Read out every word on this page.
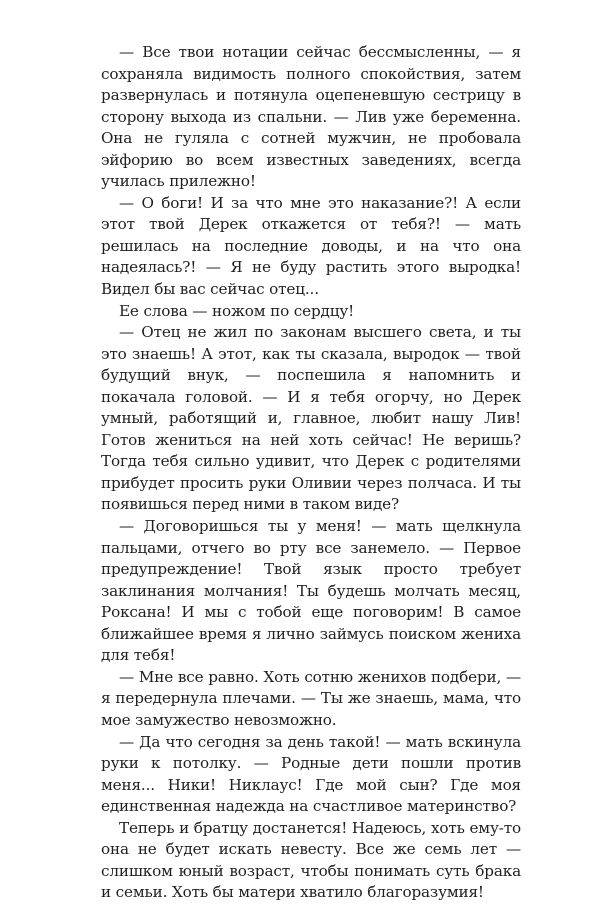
— Все твои нотации сейчас бессмысленны, — я сохраняла видимость полного спокойствия, затем развернулась и потянула оцепеневшую сестрицу в сторону выхода из спальни. — Лив уже беременна. Она не гуляла с сотней мужчин, не пробовала эйфорию во всем известных заведениях, всегда училась прилежно!

— О боги! И за что мне это наказание?! А если этот твой Дерек откажется от тебя?! — мать решилась на последние доводы, и на что она надеялась?! — Я не буду растить этого выродка! Видел бы вас сейчас отец...

Ее слова — ножом по сердцу!

— Отец не жил по законам высшего света, и ты это знаешь! А этот, как ты сказала, выродок — твой будущий внук, — поспешила я напомнить и покачала головой. — И я тебя огорчу, но Дерек умный, работящий и, главное, любит нашу Лив! Готов жениться на ней хоть сейчас! Не веришь? Тогда тебя сильно удивит, что Дерек с родителями прибудет просить руки Оливии через полчаса. И ты появишься перед ними в таком виде?

— Договоришься ты у меня! — мать щелкнула пальцами, отчего во рту все занемело. — Первое предупреждение! Твой язык просто требует заклинания молчания! Ты будешь молчать месяц, Роксана! И мы с тобой еще поговорим! В самое ближайшее время я лично займусь поиском жениха для тебя!

— Мне все равно. Хоть сотню женихов подбери, — я передернула плечами. — Ты же знаешь, мама, что мое замужество невозможно.

— Да что сегодня за день такой! — мать вскинула руки к потолку. — Родные дети пошли против меня... Ники! Никлаус! Где мой сын? Где моя единственная надежда на счастливое материнство?

Теперь и братцу достанется! Надеюсь, хоть ему-то она не будет искать невесту. Все же семь лет — слишком юный возраст, чтобы понимать суть брака и семьи. Хоть бы матери хватило благоразумия!
